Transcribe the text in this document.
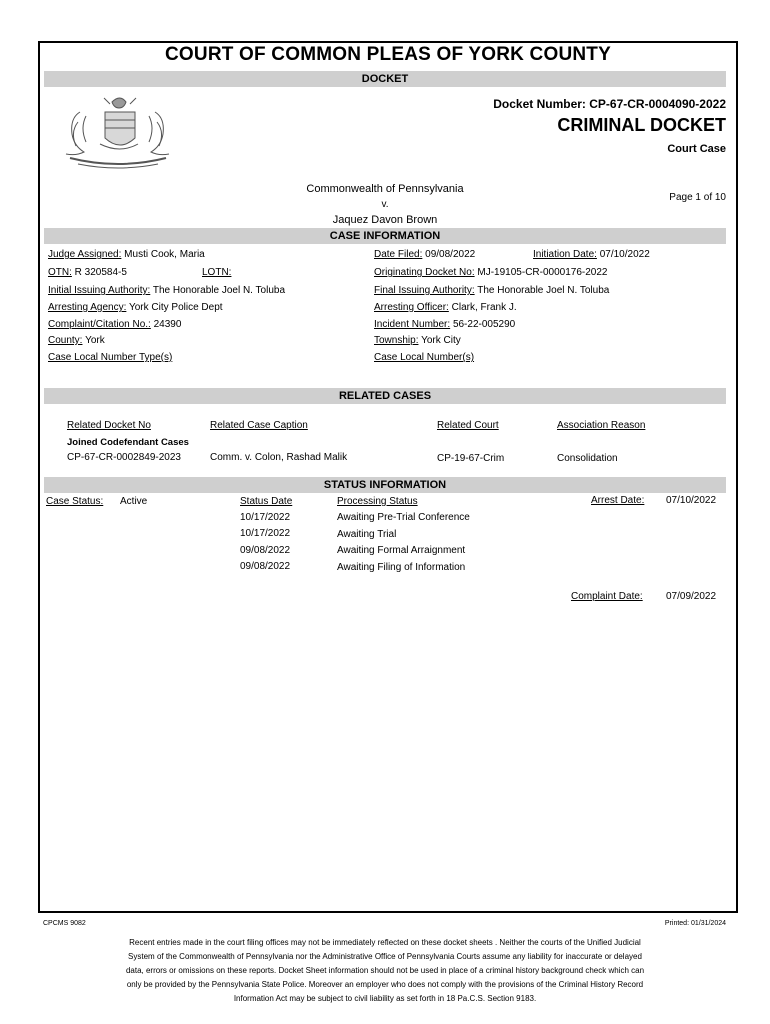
COURT OF COMMON PLEAS OF YORK COUNTY
DOCKET
Docket Number: CP-67-CR-0004090-2022
CRIMINAL DOCKET
Court Case
Commonwealth of Pennsylvania
v.
Jaquez Davon Brown
Page 1 of 10
CASE INFORMATION
Judge Assigned: Musti Cook, Maria	Date Filed: 09/08/2022	Initiation Date: 07/10/2022
OTN: R 320584-5	LOTN:	Originating Docket No: MJ-19105-CR-0000176-2022
Initial Issuing Authority: The Honorable Joel N. Toluba	Final Issuing Authority: The Honorable Joel N. Toluba
Arresting Agency: York City Police Dept	Arresting Officer: Clark, Frank J.
Complaint/Citation No.: 24390	Incident Number: 56-22-005290
County: York	Township: York City
Case Local Number Type(s)	Case Local Number(s)
RELATED CASES
Related Docket No	Related Case Caption	Related Court	Association Reason
Joined Codefendant Cases
CP-67-CR-0002849-2023	Comm. v. Colon, Rashad Malik	CP-19-67-Crim	Consolidation
STATUS INFORMATION
Case Status: Active	Status Date	Processing Status	Arrest Date: 07/10/2022
10/17/2022	Awaiting Pre-Trial Conference
10/17/2022	Awaiting Trial
09/08/2022	Awaiting Formal Arraignment
09/08/2022	Awaiting Filing of Information
Complaint Date: 07/09/2022
CPCMS 9082	Printed: 01/31/2024
Recent entries made in the court filing offices may not be immediately reflected on these docket sheets . Neither the courts of the Unified Judicial
System of the Commonwealth of Pennsylvania nor the Administrative Office of Pennsylvania Courts assume any liability for inaccurate or delayed
data, errors or omissions on these reports. Docket Sheet information should not be used in place of a criminal history background check which can
only be provided by the Pennsylvania State Police. Moreover an employer who does not comply with the provisions of the Criminal History Record
Information Act may be subject to civil liability as set forth in 18 Pa.C.S. Section 9183.
